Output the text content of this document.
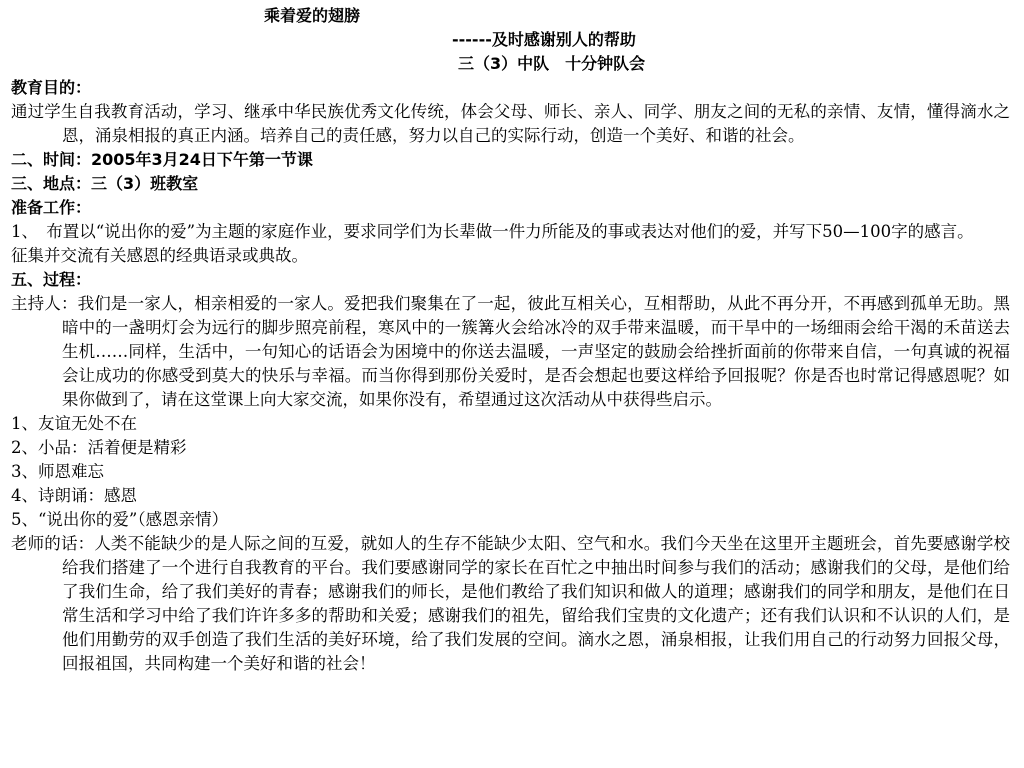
乘着爱的翅膀
------及时感谢别人的帮助
三（3）中队　十分钟队会
教育目的：
通过学生自我教育活动，学习、继承中华民族优秀文化传统，体会父母、师长、亲人、同学、朋友之间的无私的亲情、友情，懂得滴水之恩，涌泉相报的真正内涵。培养自己的责任感，努力以自己的实际行动，创造一个美好、和谐的社会。
二、时间：2005年3月24日下午第一节课
三、地点：三（3）班教室
准备工作：
1、　布置以“说出你的爱”为主题的家庭作业，要求同学们为长辈做一件力所能及的事或表达对他们的爱，并写下50—100字的感言。
征集并交流有关感恩的经典语录或典故。
五、过程：
主持人：我们是一家人，相亲相爱的一家人。爱把我们聚集在了一起，彼此互相关心，互相帮助，从此不再分开，不再感到孤单无助。黑暗中的一盏明灯会为远行的脚步照亮前程，寒风中的一簇篝火会给冰冷的双手带来温暖，而干旱中的一场细雨会给干渴的禾苗送去生机……同样，生活中，一句知心的话语会为困境中的你送去温暖，一声坚定的鼓励会给挫折面前的你带来自信，一句真诚的祝福会让成功的你感受到莫大的快乐与幸福。而当你得到那份关爱时，是否会想起也要这样给予回报呢？你是否也时常记得感恩呢？如果你做到了，请在这堂课上向大家交流，如果你没有，希望通过这次活动从中获得些启示。
1、友谊无处不在
2、小品：活着便是精彩
3、师恩难忘
4、诗朗诵：感恩
5、“说出你的爱”（感恩亲情）
老师的话：人类不能缺少的是人际之间的互爱，就如人的生存不能缺少太阳、空气和水。我们今天坐在这里开主题班会，首先要感谢学校给我们搭建了一个进行自我教育的平台。我们要感谢同学的家长在百忙之中抽出时间参与我们的活动；感谢我们的父母，是他们给了我们生命，给了我们美好的青春；感谢我们的师长，是他们教给了我们知识和做人的道理；感谢我们的同学和朋友，是他们在日常生活和学习中给了我们许许多多的帮助和关爱；感谢我们的祖先，留给我们宝贵的文化遗产；还有我们认识和不认识的人们，是他们用勤劳的双手创造了我们生活的美好环境，给了我们发展的空间。滴水之恩，涌泉相报，让我们用自己的行动努力回报父母，回报祖国，共同构建一个美好和谐的社会！
